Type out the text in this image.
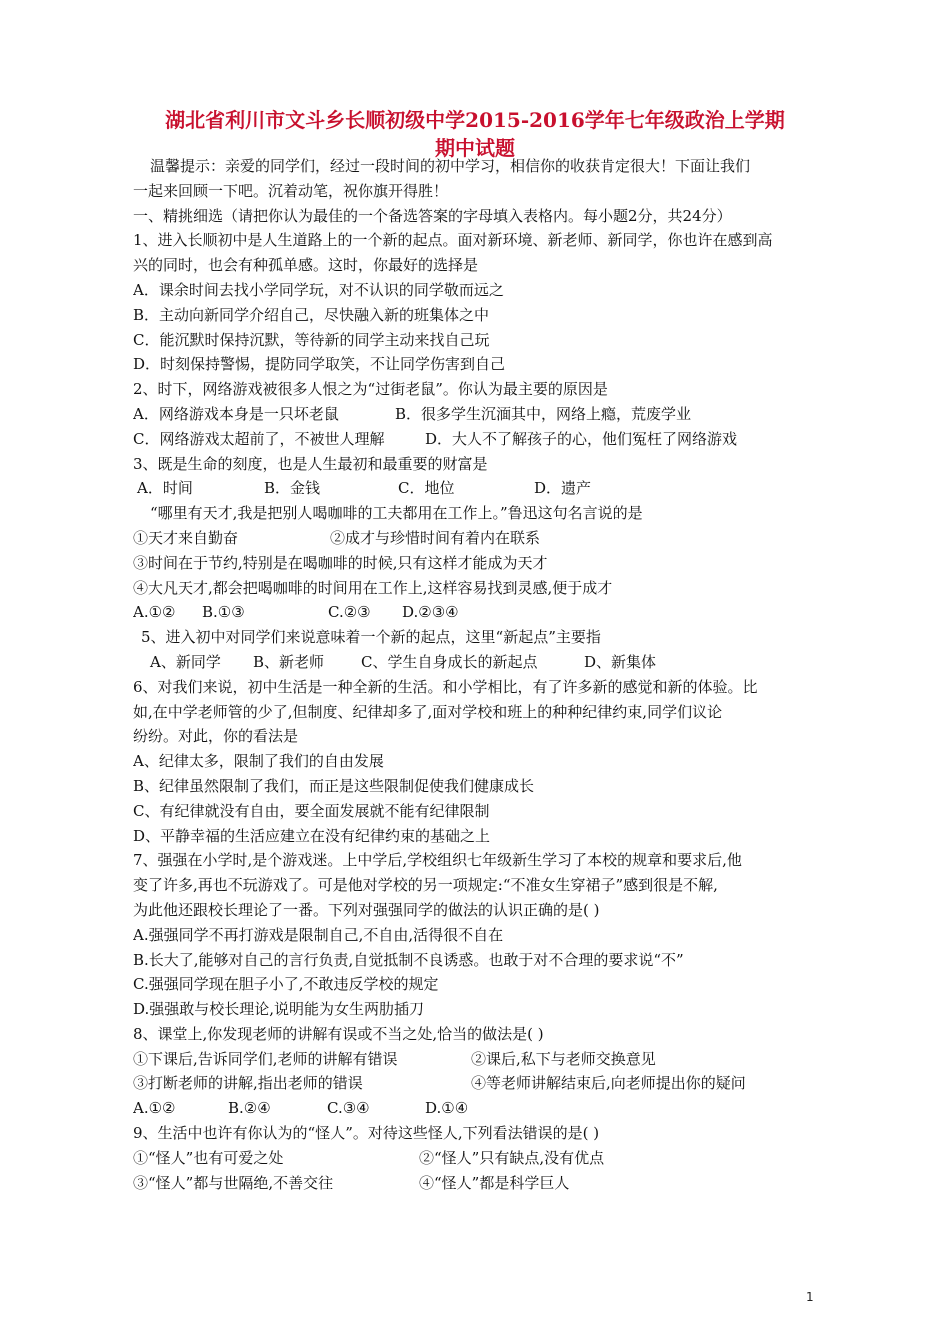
湖北省利川市文斗乡长顺初级中学2015-2016学年七年级政治上学期
期中试题
温馨提示：亲爱的同学们，经过一段时间的初中学习，相信你的收获肯定很大！下面让我们
一起来回顾一下吧。沉着动笔，祝你旗开得胜！
一、精挑细选（请把你认为最佳的一个备选答案的字母填入表格内。每小题2分，共24分）
1、进入长顺初中是人生道路上的一个新的起点。面对新环境、新老师、新同学，你也许在感到高
兴的同时，也会有种孤单感。这时，你最好的选择是
A．课余时间去找小学同学玩，对不认识的同学敬而远之
B．主动向新同学介绍自己，尽快融入新的班集体之中
C．能沉默时保持沉默，等待新的同学主动来找自己玩
D．时刻保持警惕，提防同学取笑，不让同学伤害到自己
2、时下，网络游戏被很多人恨之为“过街老鼠”。你认为最主要的原因是
A．网络游戏本身是一只坏老鼠	B．很多学生沉湎其中，网络上瘾，荒废学业
C．网络游戏太超前了，不被世人理解	D．大人不了解孩子的心，他们冤枉了网络游戏
3、既是生命的刻度，也是人生最初和最重要的财富是
A．时间	B．金钱	C．地位	D．遗产
“哪里有天才,我是把别人喝咖啡的工夫都用在工作上。”鲁迅这句名言说的是
①天才来自勤奋	②成才与珍惜时间有着内在联系
③时间在于节约,特别是在喝咖啡的时候,只有这样才能成为天才
④大凡天才,都会把喝咖啡的时间用在工作上,这样容易找到灵感,便于成才
A.①② B.①③	C.②③ D.②③④
5、进入初中对同学们来说意味着一个新的起点，这里“新起点”主要指
A、新同学 B、新老师 C、学生自身成长的新起点	D、新集体
6、对我们来说，初中生活是一种全新的生活。和小学相比，有了许多新的感觉和新的体验。比
如,在中学老师管的少了,但制度、纪律却多了,面对学校和班上的种种纪律约束,同学们议论
纷纷。对此，你的看法是
A、纪律太多，限制了我们的自由发展
B、纪律虽然限制了我们，而正是这些限制促使我们健康成长
C、有纪律就没有自由，要全面发展就不能有纪律限制
D、平静幸福的生活应建立在没有纪律约束的基础之上
7、强强在小学时,是个游戏迷。上中学后,学校组织七年级新生学习了本校的规章和要求后,他
变了许多,再也不玩游戏了。可是他对学校的另一项规定:“不准女生穿裙子”感到很是不解,
为此他还跟校长理论了一番。下列对强强同学的做法的认识正确的是( )
A.强强同学不再打游戏是限制自己,不自由,活得很不自在
B.长大了,能够对自己的言行负责,自觉抵制不良诱惑。也敢于对不合理的要求说“不”
C.强强同学现在胆子小了,不敢违反学校的规定
D.强强敢与校长理论,说明能为女生两肋插刀
8、课堂上,你发现老师的讲解有误或不当之处,恰当的做法是( )
①下课后,告诉同学们,老师的讲解有错误	②课后,私下与老师交换意见
③打断老师的讲解,指出老师的错误	④等老师讲解结束后,向老师提出你的疑问
A.①②	B.②④	C.③④	D.①④
9、生活中也许有你认为的“怪人”。对待这些怪人,下列看法错误的是( )
①“怪人”也有可爱之处	②“怪人”只有缺点,没有优点
③“怪人”都与世隔绝,不善交往	④“怪人”都是科学巨人
1
